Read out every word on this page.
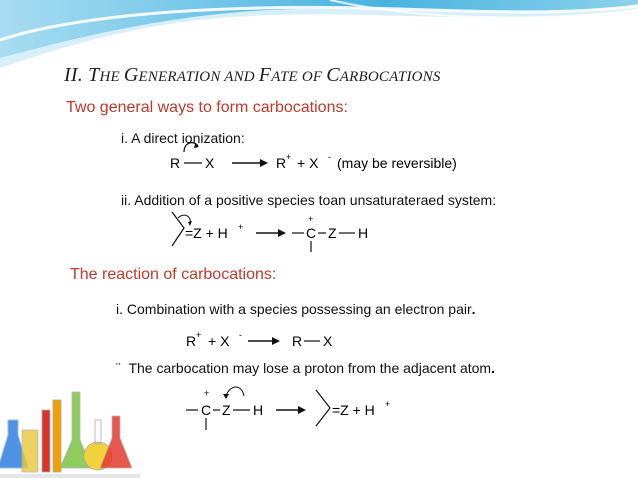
II. THE GENERATION AND FATE OF CARBOCATIONS
Two general ways to form carbocations:
i. A direct ionization:
R X	R + + X - (may be reversible)
ii. Addition of a positive species toan unsaturateraed system:
=Z + H +
+
C Z H
The reaction of carbocations:
i. Combination with a species possessing an electron pair.
R + + X -	R X
¨ The carbocation may lose a proton from the adjacent atom.
+
C Z H	=Z + H +
